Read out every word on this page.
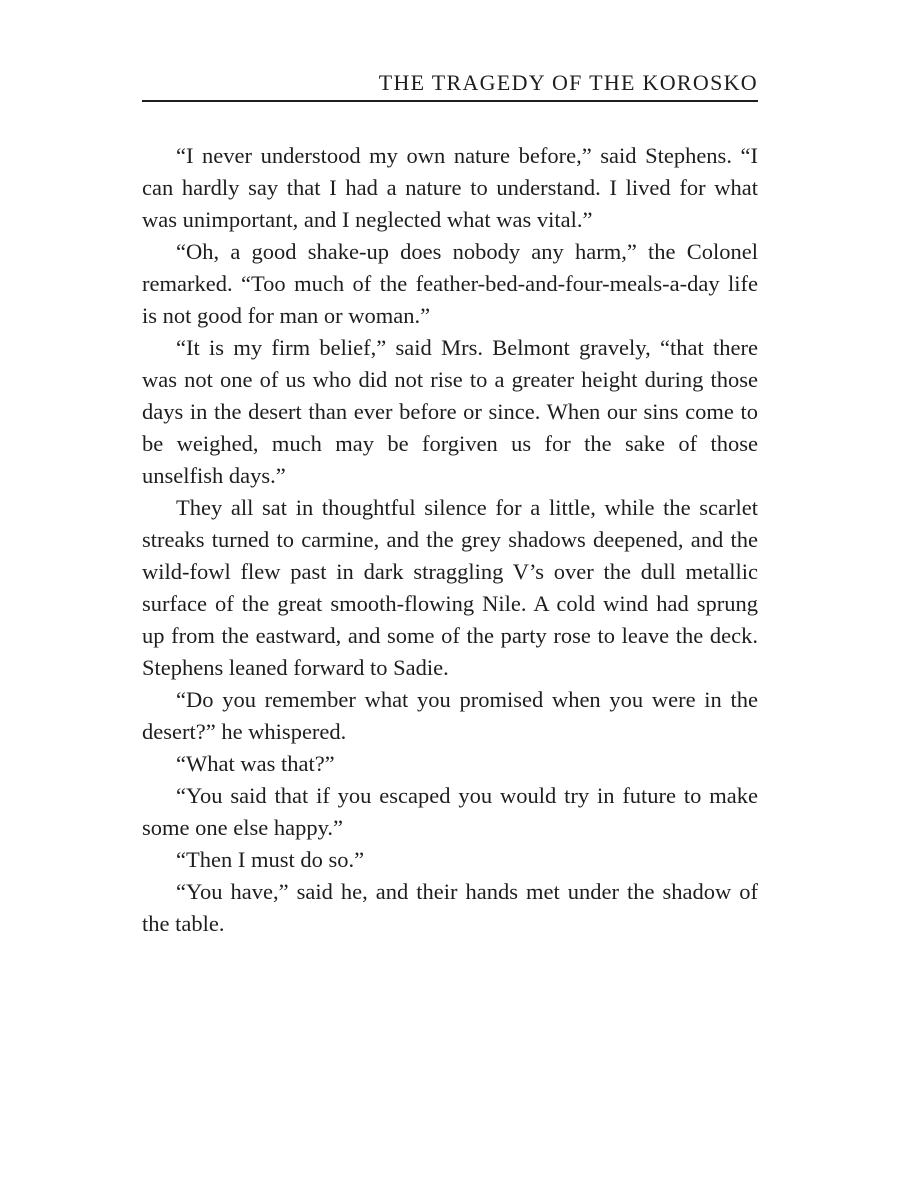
THE TRAGEDY OF THE KOROSKO

“I never understood my own nature before,” said Stephens. “I can hardly say that I had a nature to understand. I lived for what was unimportant, and I neglected what was vital.”

“Oh, a good shake-up does nobody any harm,” the Colonel remarked. “Too much of the feather-bed-and-four-meals-a-day life is not good for man or woman.”

“It is my firm belief,” said Mrs. Belmont gravely, “that there was not one of us who did not rise to a greater height during those days in the desert than ever before or since. When our sins come to be weighed, much may be forgiven us for the sake of those unselfish days.”

They all sat in thoughtful silence for a little, while the scarlet streaks turned to carmine, and the grey shadows deepened, and the wild-fowl flew past in dark straggling V’s over the dull metallic surface of the great smooth-flowing Nile. A cold wind had sprung up from the eastward, and some of the party rose to leave the deck. Stephens leaned forward to Sadie.

“Do you remember what you promised when you were in the desert?” he whispered.

“What was that?”

“You said that if you escaped you would try in future to make some one else happy.”

“Then I must do so.”

“You have,” said he, and their hands met under the shadow of the table.
